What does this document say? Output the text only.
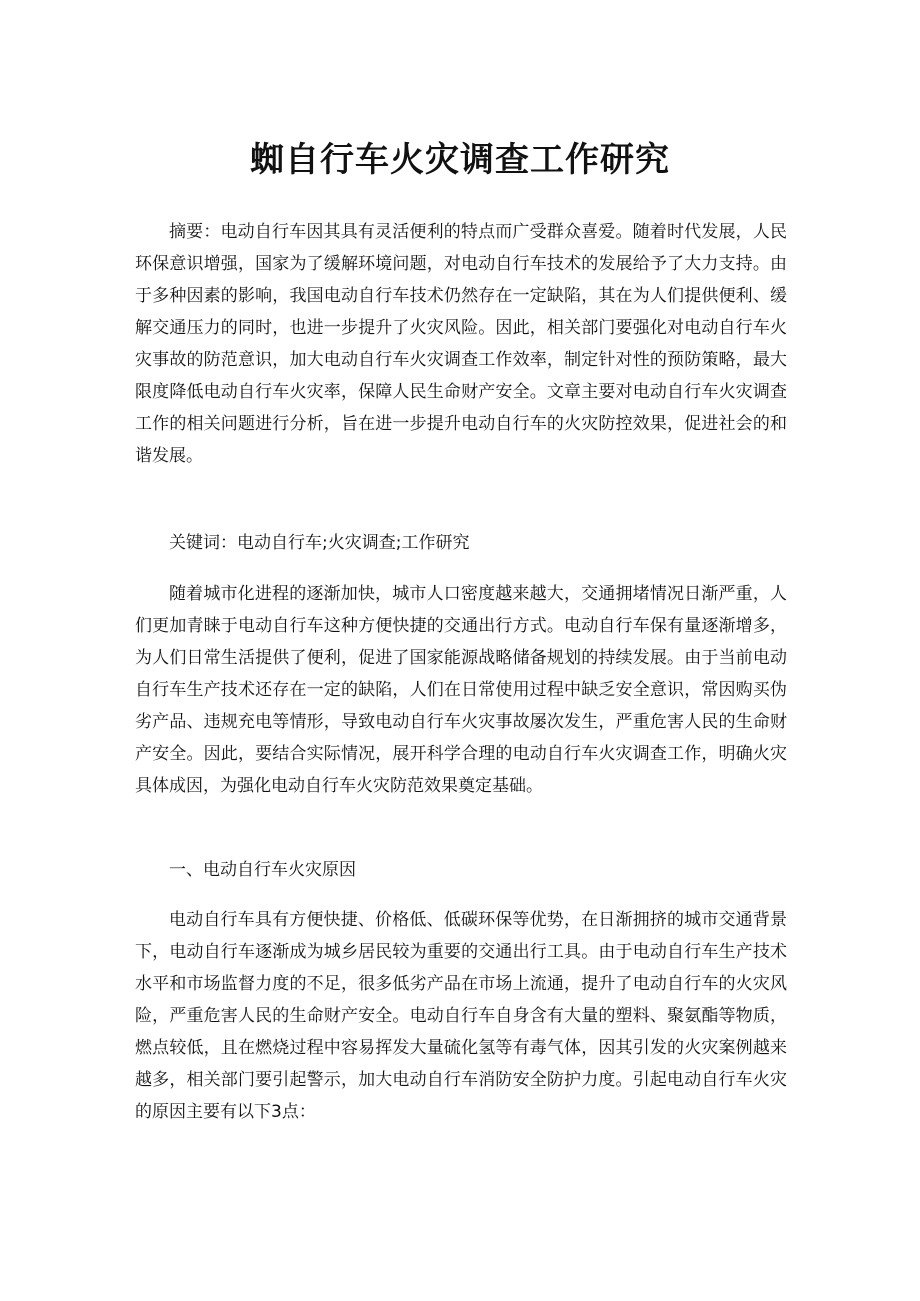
蜘自行车火灾调查工作研究

摘要：电动自行车因其具有灵活便利的特点而广受群众喜爱。随着时代发展，人民环保意识增强，国家为了缓解环境问题，对电动自行车技术的发展给予了大力支持。由于多种因素的影响，我国电动自行车技术仍然存在一定缺陷，其在为人们提供便利、缓解交通压力的同时，也进一步提升了火灾风险。因此，相关部门要强化对电动自行车火灾事故的防范意识，加大电动自行车火灾调查工作效率，制定针对性的预防策略，最大限度降低电动自行车火灾率，保障人民生命财产安全。文章主要对电动自行车火灾调查工作的相关问题进行分析，旨在进一步提升电动自行车的火灾防控效果，促进社会的和谐发展。

关键词：电动自行车;火灾调查;工作研究

随着城市化进程的逐渐加快，城市人口密度越来越大，交通拥堵情况日渐严重，人们更加青睐于电动自行车这种方便快捷的交通出行方式。电动自行车保有量逐渐增多，为人们日常生活提供了便利，促进了国家能源战略储备规划的持续发展。由于当前电动自行车生产技术还存在一定的缺陷，人们在日常使用过程中缺乏安全意识，常因购买伪劣产品、违规充电等情形，导致电动自行车火灾事故屡次发生，严重危害人民的生命财产安全。因此，要结合实际情况，展开科学合理的电动自行车火灾调查工作，明确火灾具体成因，为强化电动自行车火灾防范效果奠定基础。

一、电动自行车火灾原因

电动自行车具有方便快捷、价格低、低碳环保等优势，在日渐拥挤的城市交通背景下，电动自行车逐渐成为城乡居民较为重要的交通出行工具。由于电动自行车生产技术水平和市场监督力度的不足，很多低劣产品在市场上流通，提升了电动自行车的火灾风险，严重危害人民的生命财产安全。电动自行车自身含有大量的塑料、聚氨酯等物质，燃点较低，且在燃烧过程中容易挥发大量硫化氢等有毒气体，因其引发的火灾案例越来越多，相关部门要引起警示，加大电动自行车消防安全防护力度。引起电动自行车火灾的原因主要有以下3点：
